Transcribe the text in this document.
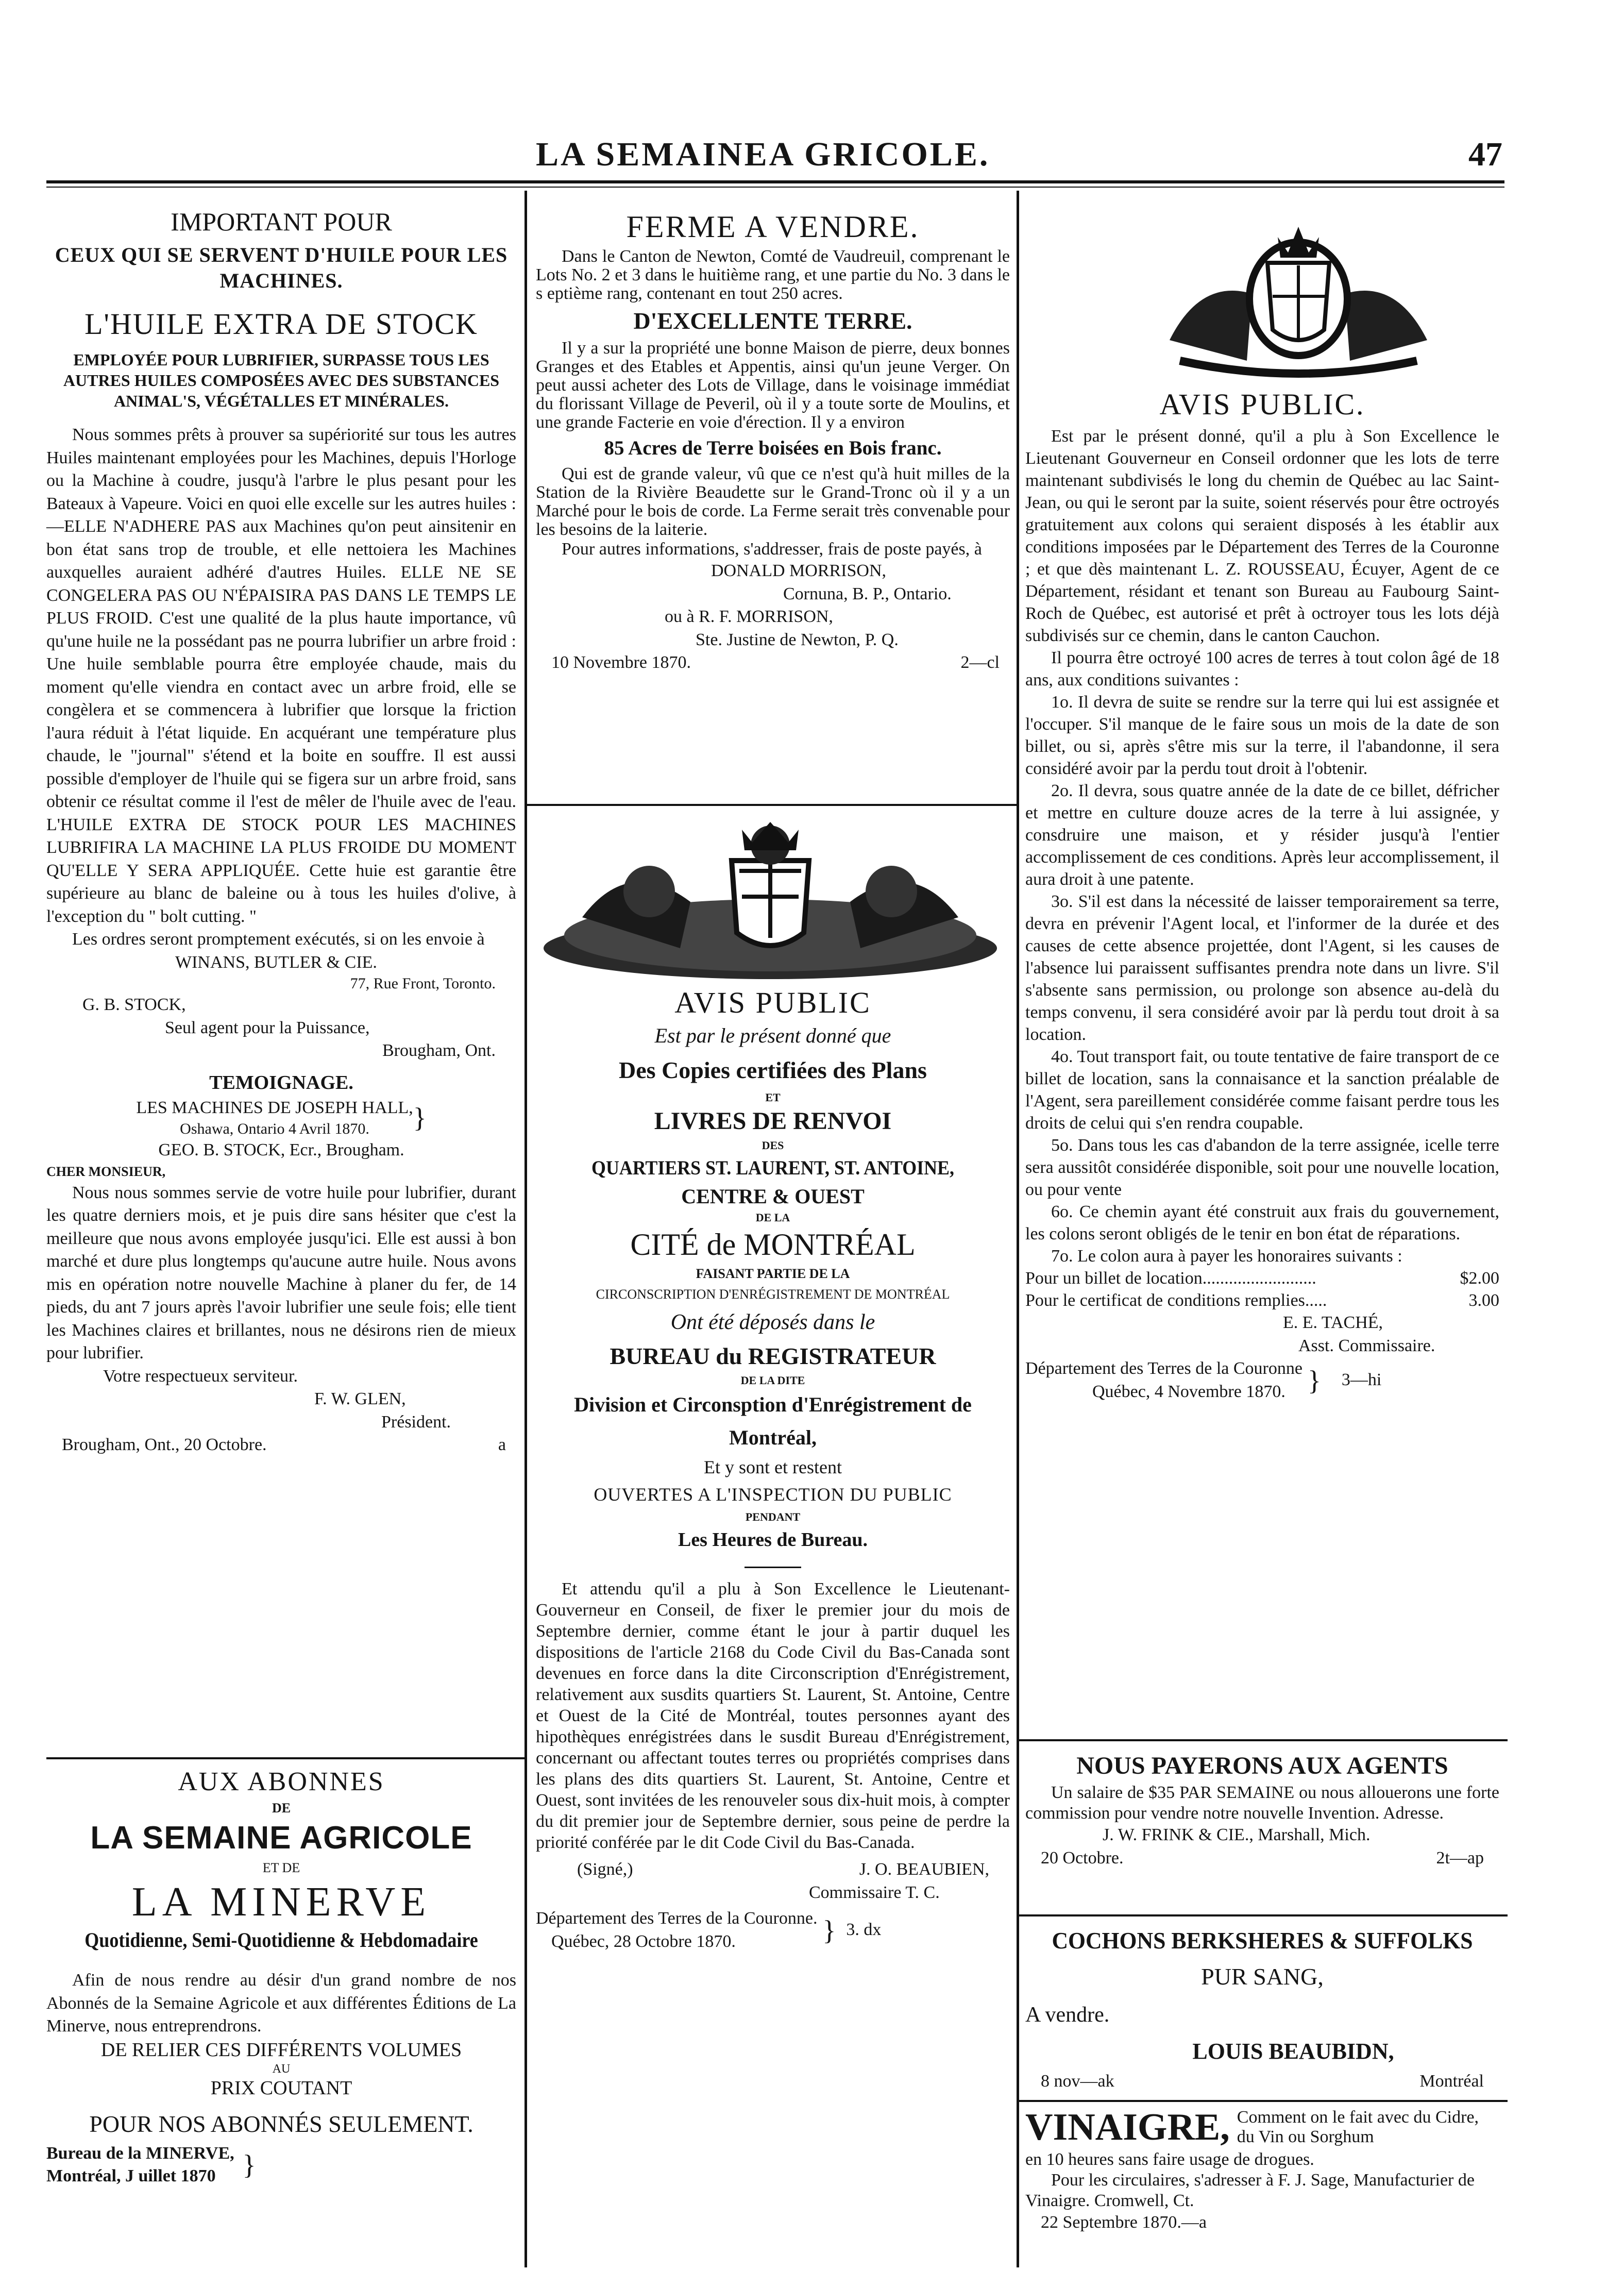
LA SEMAINEA GRICOLE.	47
IMPORTANT POUR
CEUX QUI SE SERVENT D'HUILE POUR LES MACHINES.
L'HUILE EXTRA DE STOCK
EMPLOYÉE POUR LUBRIFIER, SURPASSE TOUS LES AUTRES HUILES COMPOSÉES AVEC DES SUBSTANCES ANIMAL'S, VÉGÉTALLES ET MINÉRALES.

Nous sommes prêts à prouver sa supériorité sur tous les autres Huiles maintenant employées pour les Machines, depuis l'Horloge ou la Machine à coudre, jusqu'à l'arbre le plus pesant pour les Bateaux à Vapeure. Voici en quoi elle excelle sur les autres huiles : —ELLE N'ADHERE PAS aux Machines qu'on peut ainsitenir en bon état sans trop de trouble, et elle nettoiera les Machines auxquelles auraient adhéré d'autres Huiles. ELLE NE SE CONGELERA PAS OU N'ÉPAISIRA PAS DANS LE TEMPS LE PLUS FROID. C'est une qualité de la plus haute importance, vû qu'une huile ne la possédant pas ne pourra lubrifier un arbre froid : Une huile semblable pourra être employée chaude, mais du moment qu'elle viendra en contact avec un arbre froid, elle se congèlera et se commencera à lubrifier que lorsque la friction l'aura réduit à l'état liquide. En acquérant une température plus chaude, le "journal" s'étend et la boite en souffre. Il est aussi possible d'employer de l'huile qui se figera sur un arbre froid, sans obtenir ce résultat comme il l'est de mêler de l'huile avec de l'eau. L'HUILE EXTRA DE STOCK POUR LES MACHINES LUBRIFIRA LA MACHINE LA PLUS FROIDE DU MOMENT QU'ELLE Y SERA APPLIQUÉE. Cette huie est garantie être supérieure au blanc de baleine ou à tous les huiles d'olive, à l'exception du " bolt cutting. "

Les ordres seront promptement exécutés, si on les envoie à

WINANS, BUTLER & CIE.
77, Rue Front, Toronto.
G. B. STOCK,
Seul agent pour la Puissance,
Brougham, Ont.
TEMOIGNAGE.
LES MACHINES DE JOSEPH HALL,
Oshawa, Ontario 4 Avril 1870.	}
GEO. B. STOCK, Ecr., Brougham.
CHER MONSIEUR,

Nous nous sommes servie de votre huile pour lubrifier, durant les quatre derniers mois, et je puis dire sans hésiter que c'est la meilleure que nous avons employée jusqu'ici. Elle est aussi à bon marché et dure plus longtemps qu'aucune autre huile. Nous avons mis en opération notre nouvelle Machine à planer du fer, de 14 pieds, du ant 7 jours après l'avoir lubrifier une seule fois; elle tient les Machines claires et brillantes, nous ne désirons rien de mieux pour lubrifier.

Votre respectueux serviteur.
F. W. GLEN,
Président.
Brougham, Ont., 20 Octobre.	a
AUX ABONNES
DE
LA SEMAINE AGRICOLE
ET DE
LA MINERVE
Quotidienne, Semi-Quotidienne & Hebdomadaire

Afin de nous rendre au désir d'un grand nombre de nos Abonnés de la Semaine Agricole et aux différentes Éditions de La Minerve, nous entreprendrons.

DE RELIER CES DIFFÉRENTS VOLUMES
AU
PRIX COUTANT
POUR NOS ABONNÉS SEULEMENT.
Bureau de la MINERVE,
Montréal, J uillet 1870 }
FERME A VENDRE.

Dans le Canton de Newton, Comté de Vaudreuil, comprenant le Lots No. 2 et 3 dans le huitième rang, et une partie du No. 3 dans le s eptième rang, contenant en tout 250 acres.

D'EXCELLENTE TERRE.

Il y a sur la propriété une bonne Maison de pierre, deux bonnes Granges et des Etables et Appentis, ainsi qu'un jeune Verger. On peut aussi acheter des Lots de Village, dans le voisinage immédiat du florissant Village de Peveril, où il y a toute sorte de Moulins, et une grande Facterie en voie d'érection. Il y a environ

85 Acres de Terre boisées en Bois franc.

Qui est de grande valeur, vû que ce n'est qu'à huit milles de la Station de la Rivière Beaudette sur le Grand-Tronc où il y a un Marché pour le bois de corde. La Ferme serait très convenable pour les besoins de la laiterie.

Pour autres informations, s'addresser, frais de poste payés, à

DONALD MORRISON,
Cornuna, B. P., Ontario.
ou à R. F. MORRISON,
Ste. Justine de Newton, P. Q.
10 Novembre 1870.	2—cl
AVIS PUBLIC
Est par le présent donné que
Des Copies certifiées des Plans
ET
LIVRES DE RENVOI
DES
QUARTIERS ST. LAURENT, ST. ANTOINE,
CENTRE & OUEST
DE LA
CITÉ de MONTRÉAL
FAISANT PARTIE DE LA
CIRCONSCRIPTION D'ENRÉGISTREMENT DE MONTRÉAL
Ont été déposés dans le
BUREAU du REGISTRATEUR
DE LA DITE
Division et Circonsption d'Enrégistrement de Montréal,
Et y sont et restent
OUVERTES A L'INSPECTION DU PUBLIC
PENDANT
Les Heures de Bureau.

Et attendu qu'il a plu à Son Excellence le Lieutenant-Gouverneur en Conseil, de fixer le premier jour du mois de Septembre dernier, comme étant le jour à partir duquel les dispositions de l'article 2168 du Code Civil du Bas-Canada sont devenues en force dans la dite Circonscription d'Enrégistrement, relativement aux susdits quartiers St. Laurent, St. Antoine, Centre et Ouest de la Cité de Montréal, toutes personnes ayant des hipothèques enrégistrées dans le susdit Bureau d'Enrégistrement, concernant ou affectant toutes terres ou propriétés comprises dans les plans des dits quartiers St. Laurent, St. Antoine, Centre et Ouest, sont invitées de les renouveler sous dix-huit mois, à compter du dit premier jour de Septembre dernier, sous peine de perdre la priorité conférée par le dit Code Civil du Bas-Canada.

(Signé,)	J. O. BEAUBIEN,
Commissaire T. C.
Département des Terres de la Couronne.
Québec, 28 Octobre 1870.	} 3. dx
AVIS PUBLIC.

Est par le présent donné, qu'il a plu à Son Excellence le Lieutenant Gouverneur en Conseil ordonner que les lots de terre maintenant subdivisés le long du chemin de Québec au lac Saint-Jean, ou qui le seront par la suite, soient réservés pour être octroyés gratuitement aux colons qui seraient disposés à les établir aux conditions imposées par le Département des Terres de la Couronne ; et que dès maintenant L. Z. ROUSSEAU, Écuyer, Agent de ce Département, résidant et tenant son Bureau au Faubourg Saint-Roch de Québec, est autorisé et prêt à octroyer tous les lots déjà subdivisés sur ce chemin, dans le canton Cauchon.

Il pourra être octroyé 100 acres de terres à tout colon âgé de 18 ans, aux conditions suivantes :

1o. Il devra de suite se rendre sur la terre qui lui est assignée et l'occuper. S'il manque de le faire sous un mois de la date de son billet, ou si, après s'être mis sur la terre, il l'abandonne, il sera considéré avoir par la perdu tout droit à l'obtenir.

2o. Il devra, sous quatre année de la date de ce billet, défricher et mettre en culture douze acres de la terre à lui assignée, y consdruire une maison, et y résider jusqu'à l'entier accomplissement de ces conditions. Après leur accomplissement, il aura droit à une patente.

3o. S'il est dans la nécessité de laisser temporairement sa terre, devra en prévenir l'Agent local, et l'informer de la durée et des causes de cette absence projettée, dont l'Agent, si les causes de l'absence lui paraissent suffisantes prendra note dans un livre. S'il s'absente sans permission, ou prolonge son absence au-delà du temps convenu, il sera considéré avoir par là perdu tout droit à sa location.

4o. Tout transport fait, ou toute tentative de faire transport de ce billet de location, sans la connaisance et la sanction préalable de l'Agent, sera pareillement considérée comme faisant perdre tous les droits de celui qui s'en rendra coupable.

5o. Dans tous les cas d'abandon de la terre assignée, icelle terre sera aussitôt considérée disponible, soit pour une nouvelle location, ou pour vente

6o. Ce chemin ayant été construit aux frais du gouvernement, les colons seront obligés de le tenir en bon état de réparations.

7o. Le colon aura à payer les honoraires suivants :

Pour un billet de location..........................	$2.00
Pour le certificat de conditions remplies.....	3.00
E. E. TACHÉ,
Asst. Commissaire.
Département des Terres de la Couronne
Québec, 4 Novembre 1870. } 3—hi
NOUS PAYERONS AUX AGENTS

Un salaire de $35 PAR SEMAINE ou nous allouerons une forte commission pour vendre notre nouvelle Invention. Adresse.

J. W. FRINK & CIE., Marshall, Mich.
20 Octobre.	2t—ap
COCHONS BERKSHERES & SUFFOLKS
PUR SANG,
A vendre.
LOUIS BEAUBIDN,
8 nov—ak	Montréal
VINAIGRE, Comment on le fait avec du Cidre, du Vin ou Sorghum
en 10 heures sans faire usage de drogues.

Pour les circulaires, s'adresser à F. J. Sage, Manufacturier de Vinaigre. Cromwell, Ct.

22 Septembre 1870.—a
